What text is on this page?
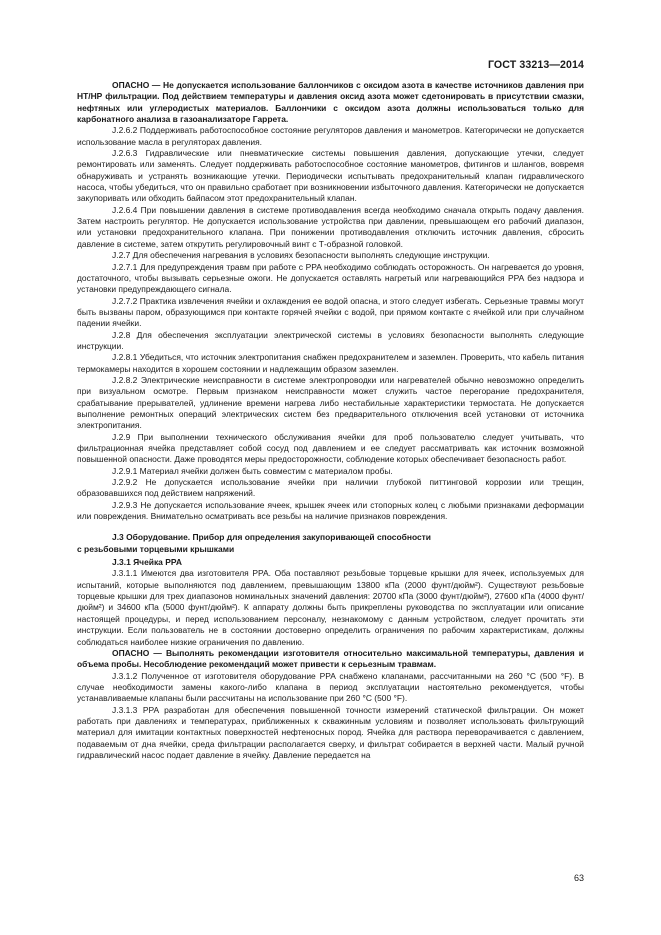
ГОСТ 33213—2014

ОПАСНО — Не допускается использование баллончиков с оксидом азота в качестве источников давления при НТ/НР фильтрации. Под действием температуры и давления оксид азота может сдетонировать в присутствии смазки, нефтяных или углеродистых материалов. Баллончики с оксидом азота должны использоваться только для карбонатного анализа в газоанализаторе Гаррета.

J.2.6.2 Поддерживать работоспособное состояние регуляторов давления и манометров. Категорически не допускается использование масла в регуляторах давления.

J.2.6.3 Гидравлические или пневматические системы повышения давления, допускающие утечки, следует ремонтировать или заменять. Следует поддерживать работоспособное состояние манометров, фитингов и шлангов, вовремя обнаруживать и устранять возникающие утечки. Периодически испытывать предохранительный клапан гидравлического насоса, чтобы убедиться, что он правильно сработает при возникновении избыточного давления. Категорически не допускается закупоривать или обходить байпасом этот предохранительный клапан.

J.2.6.4 При повышении давления в системе противодавления всегда необходимо сначала открыть подачу давления. Затем настроить регулятор. Не допускается использование устройства при давлении, превышающем его рабочий диапазон, или установки предохранительного клапана. При понижении противодавления отключить источник давления, сбросить давление в системе, затем открутить регулировочный винт с Т-образной головкой.

J.2.7 Для обеспечения нагревания в условиях безопасности выполнять следующие инструкции.

J.2.7.1 Для предупреждения травм при работе с PPA необходимо соблюдать осторожность. Он нагревается до уровня, достаточного, чтобы вызывать серьезные ожоги. Не допускается оставлять нагретый или нагревающийся PPA без надзора и установки предупреждающего сигнала.

J.2.7.2 Практика извлечения ячейки и охлаждения ее водой опасна, и этого следует избегать. Серьезные травмы могут быть вызваны паром, образующимся при контакте горячей ячейки с водой, при прямом контакте с ячейкой или при случайном падении ячейки.

J.2.8 Для обеспечения эксплуатации электрической системы в условиях безопасности выполнять следующие инструкции.

J.2.8.1 Убедиться, что источник электропитания снабжен предохранителем и заземлен. Проверить, что кабель питания термокамеры находится в хорошем состоянии и надлежащим образом заземлен.

J.2.8.2 Электрические неисправности в системе электропроводки или нагревателей обычно невозможно определить при визуальном осмотре. Первым признаком неисправности может служить частое перегорание предохранителя, срабатывание прерывателей, удлинение времени нагрева либо нестабильные характеристики термостата. Не допускается выполнение ремонтных операций электрических систем без предварительного отключения всей установки от источника электропитания.

J.2.9 При выполнении технического обслуживания ячейки для проб пользователю следует учитывать, что фильтрационная ячейка представляет собой сосуд под давлением и ее следует рассматривать как источник возможной повышенной опасности. Даже проводятся меры предосторожности, соблюдение которых обеспечивает безопасность работ.

J.2.9.1 Материал ячейки должен быть совместим с материалом пробы.

J.2.9.2 Не допускается использование ячейки при наличии глубокой питтинговой коррозии или трещин, образовавшихся под действием напряжений.

J.2.9.3 Не допускается использование ячеек, крышек ячеек или стопорных колец с любыми признаками деформации или повреждения. Внимательно осматривать все резьбы на наличие признаков повреждения.

J.3 Оборудование. Прибор для определения закупоривающей способности

с резьбовыми торцевыми крышками

J.3.1 Ячейка PPA

J.3.1.1 Имеются два изготовителя PPA. Оба поставляют резьбовые торцевые крышки для ячеек, используемых для испытаний, которые выполняются под давлением, превышающим 13800 кПа (2000 фунт/дюйм²). Существуют резьбовые торцевые крышки для трех диапазонов номинальных значений давления: 20700 кПа (3000 фунт/дюйм²), 27600 кПа (4000 фунт/дюйм²) и 34600 кПа (5000 фунт/дюйм²). К аппарату должны быть прикреплены руководства по эксплуатации или описание настоящей процедуры, и перед использованием персоналу, незнакомому с данным устройством, следует прочитать эти инструкции. Если пользователь не в состоянии достоверно определить ограничения по рабочим характеристикам, должны соблюдаться наиболее низкие ограничения по давлению.

ОПАСНО — Выполнять рекомендации изготовителя относительно максимальной температуры, давления и объема пробы. Несоблюдение рекомендаций может привести к серьезным травмам.

J.3.1.2 Полученное от изготовителя оборудование PPA снабжено клапанами, рассчитанными на 260 °С (500 °F). В случае необходимости замены какого-либо клапана в период эксплуатации настоятельно рекомендуется, чтобы устанавливаемые клапаны были рассчитаны на использование при 260 °С (500 °F).

J.3.1.3 PPA разработан для обеспечения повышенной точности измерений статической фильтрации. Он может работать при давлениях и температурах, приближенных к скважинным условиям и позволяет использовать фильтрующий материал для имитации контактных поверхностей нефтеносных пород. Ячейка для раствора переворачивается с давлением, подаваемым от дна ячейки, среда фильтрации располагается сверху, и фильтрат собирается в верхней части. Малый ручной гидравлический насос подает давление в ячейку. Давление передается на

63
